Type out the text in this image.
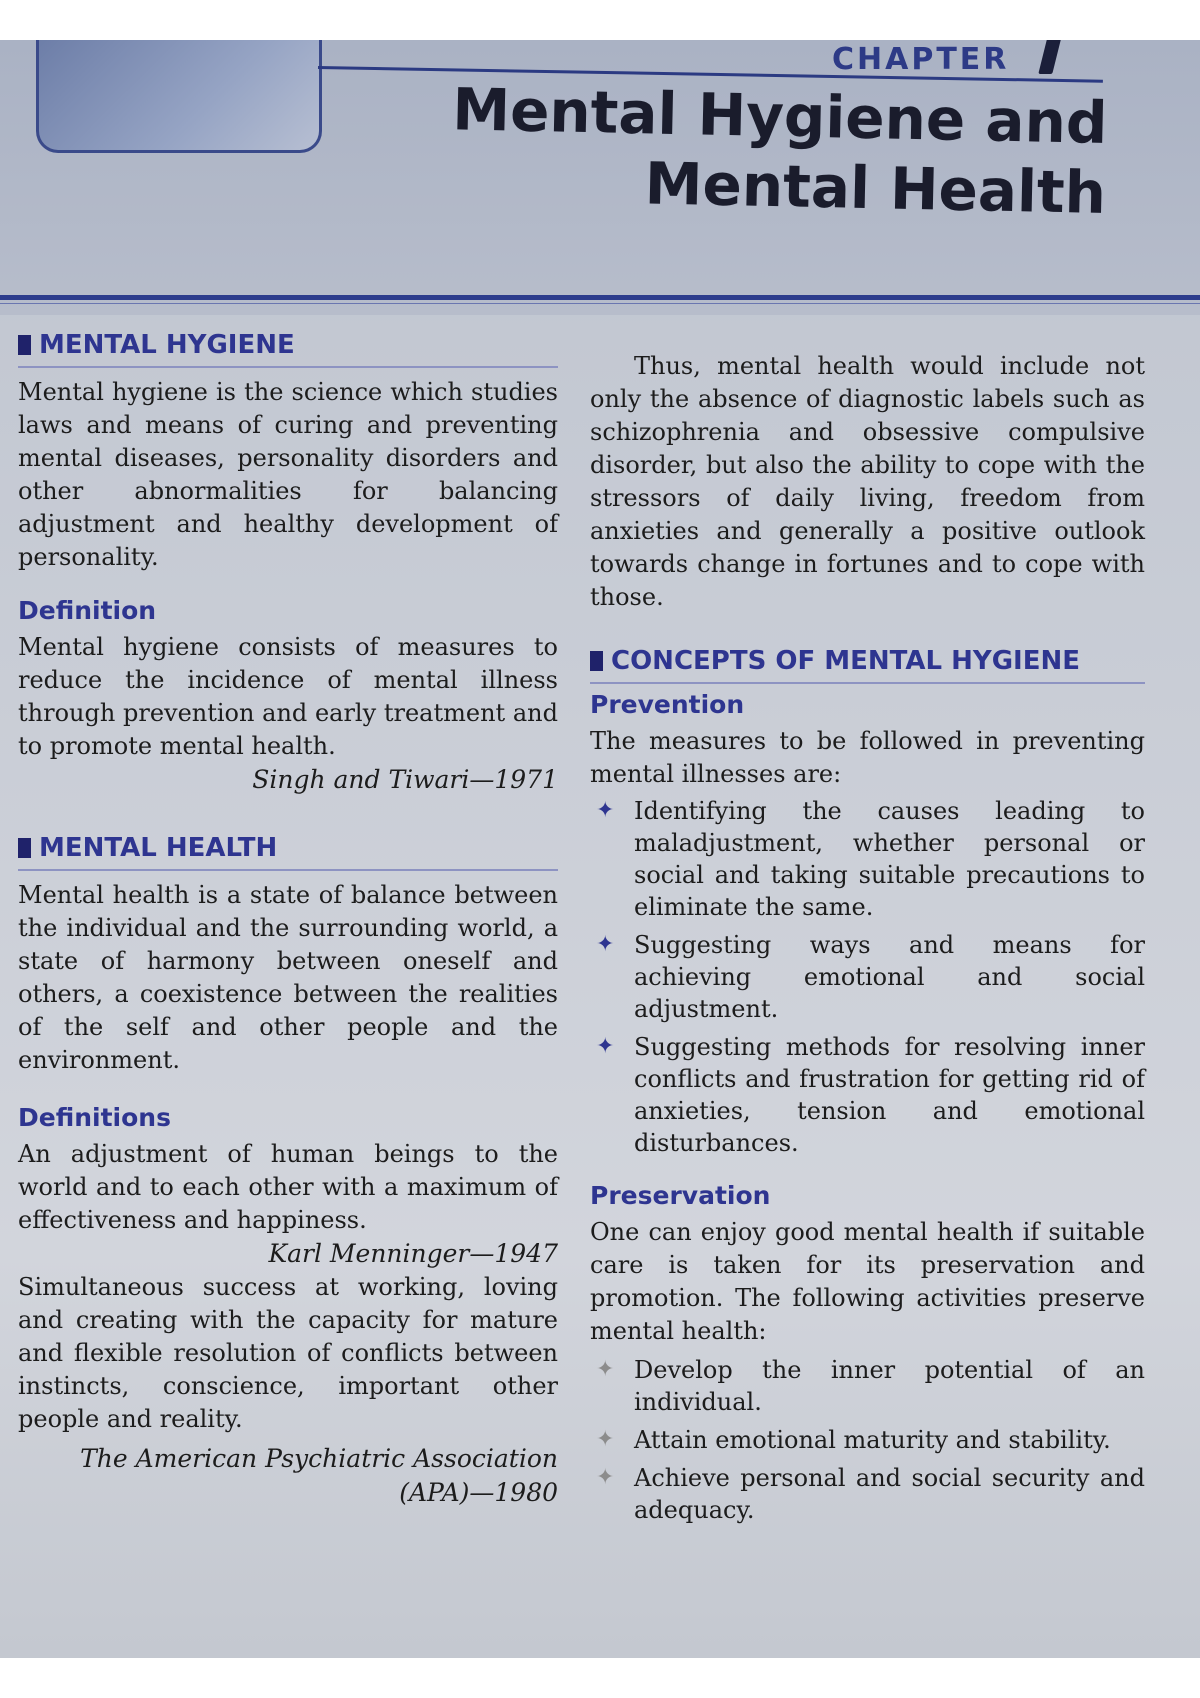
CHAPTER
Mental Hygiene and
Mental Health
MENTAL HYGIENE

Mental hygiene is the science which studies laws and means of curing and preventing mental diseases, personality disorders and other abnormalities for balancing adjustment and healthy development of personality.

Definition

Mental hygiene consists of measures to reduce the incidence of mental illness through prevention and early treatment and to promote mental health.

Singh and Tiwari—1971

MENTAL HEALTH

Mental health is a state of balance between the individual and the surrounding world, a state of harmony between oneself and others, a coexistence between the realities of the self and other people and the environment.

Definitions

An adjustment of human beings to the world and to each other with a maximum of effectiveness and happiness.

Karl Menninger—1947

Simultaneous success at working, loving and creating with the capacity for mature and flexible resolution of conflicts between instincts, conscience, important other people and reality.

The American Psychiatric Association

(APA)—1980

Thus, mental health would include not only the absence of diagnostic labels such as schizophrenia and obsessive compulsive disorder, but also the ability to cope with the stressors of daily living, freedom from anxieties and generally a positive outlook towards change in fortunes and to cope with those.

CONCEPTS OF MENTAL HYGIENE
Prevention

The measures to be followed in preventing mental illnesses are:

✦ Identifying the causes leading to maladjustment, whether personal or social and taking suitable precautions to eliminate the same.
✦ Suggesting ways and means for achieving emotional and social adjustment.
✦ Suggesting methods for resolving inner conflicts and frustration for getting rid of anxieties, tension and emotional disturbances.
Preservation

One can enjoy good mental health if suitable care is taken for its preservation and promotion. The following activities preserve mental health:

✦ Develop the inner potential of an individual.
✦ Attain emotional maturity and stability.
✦ Achieve personal and social security and adequacy.
